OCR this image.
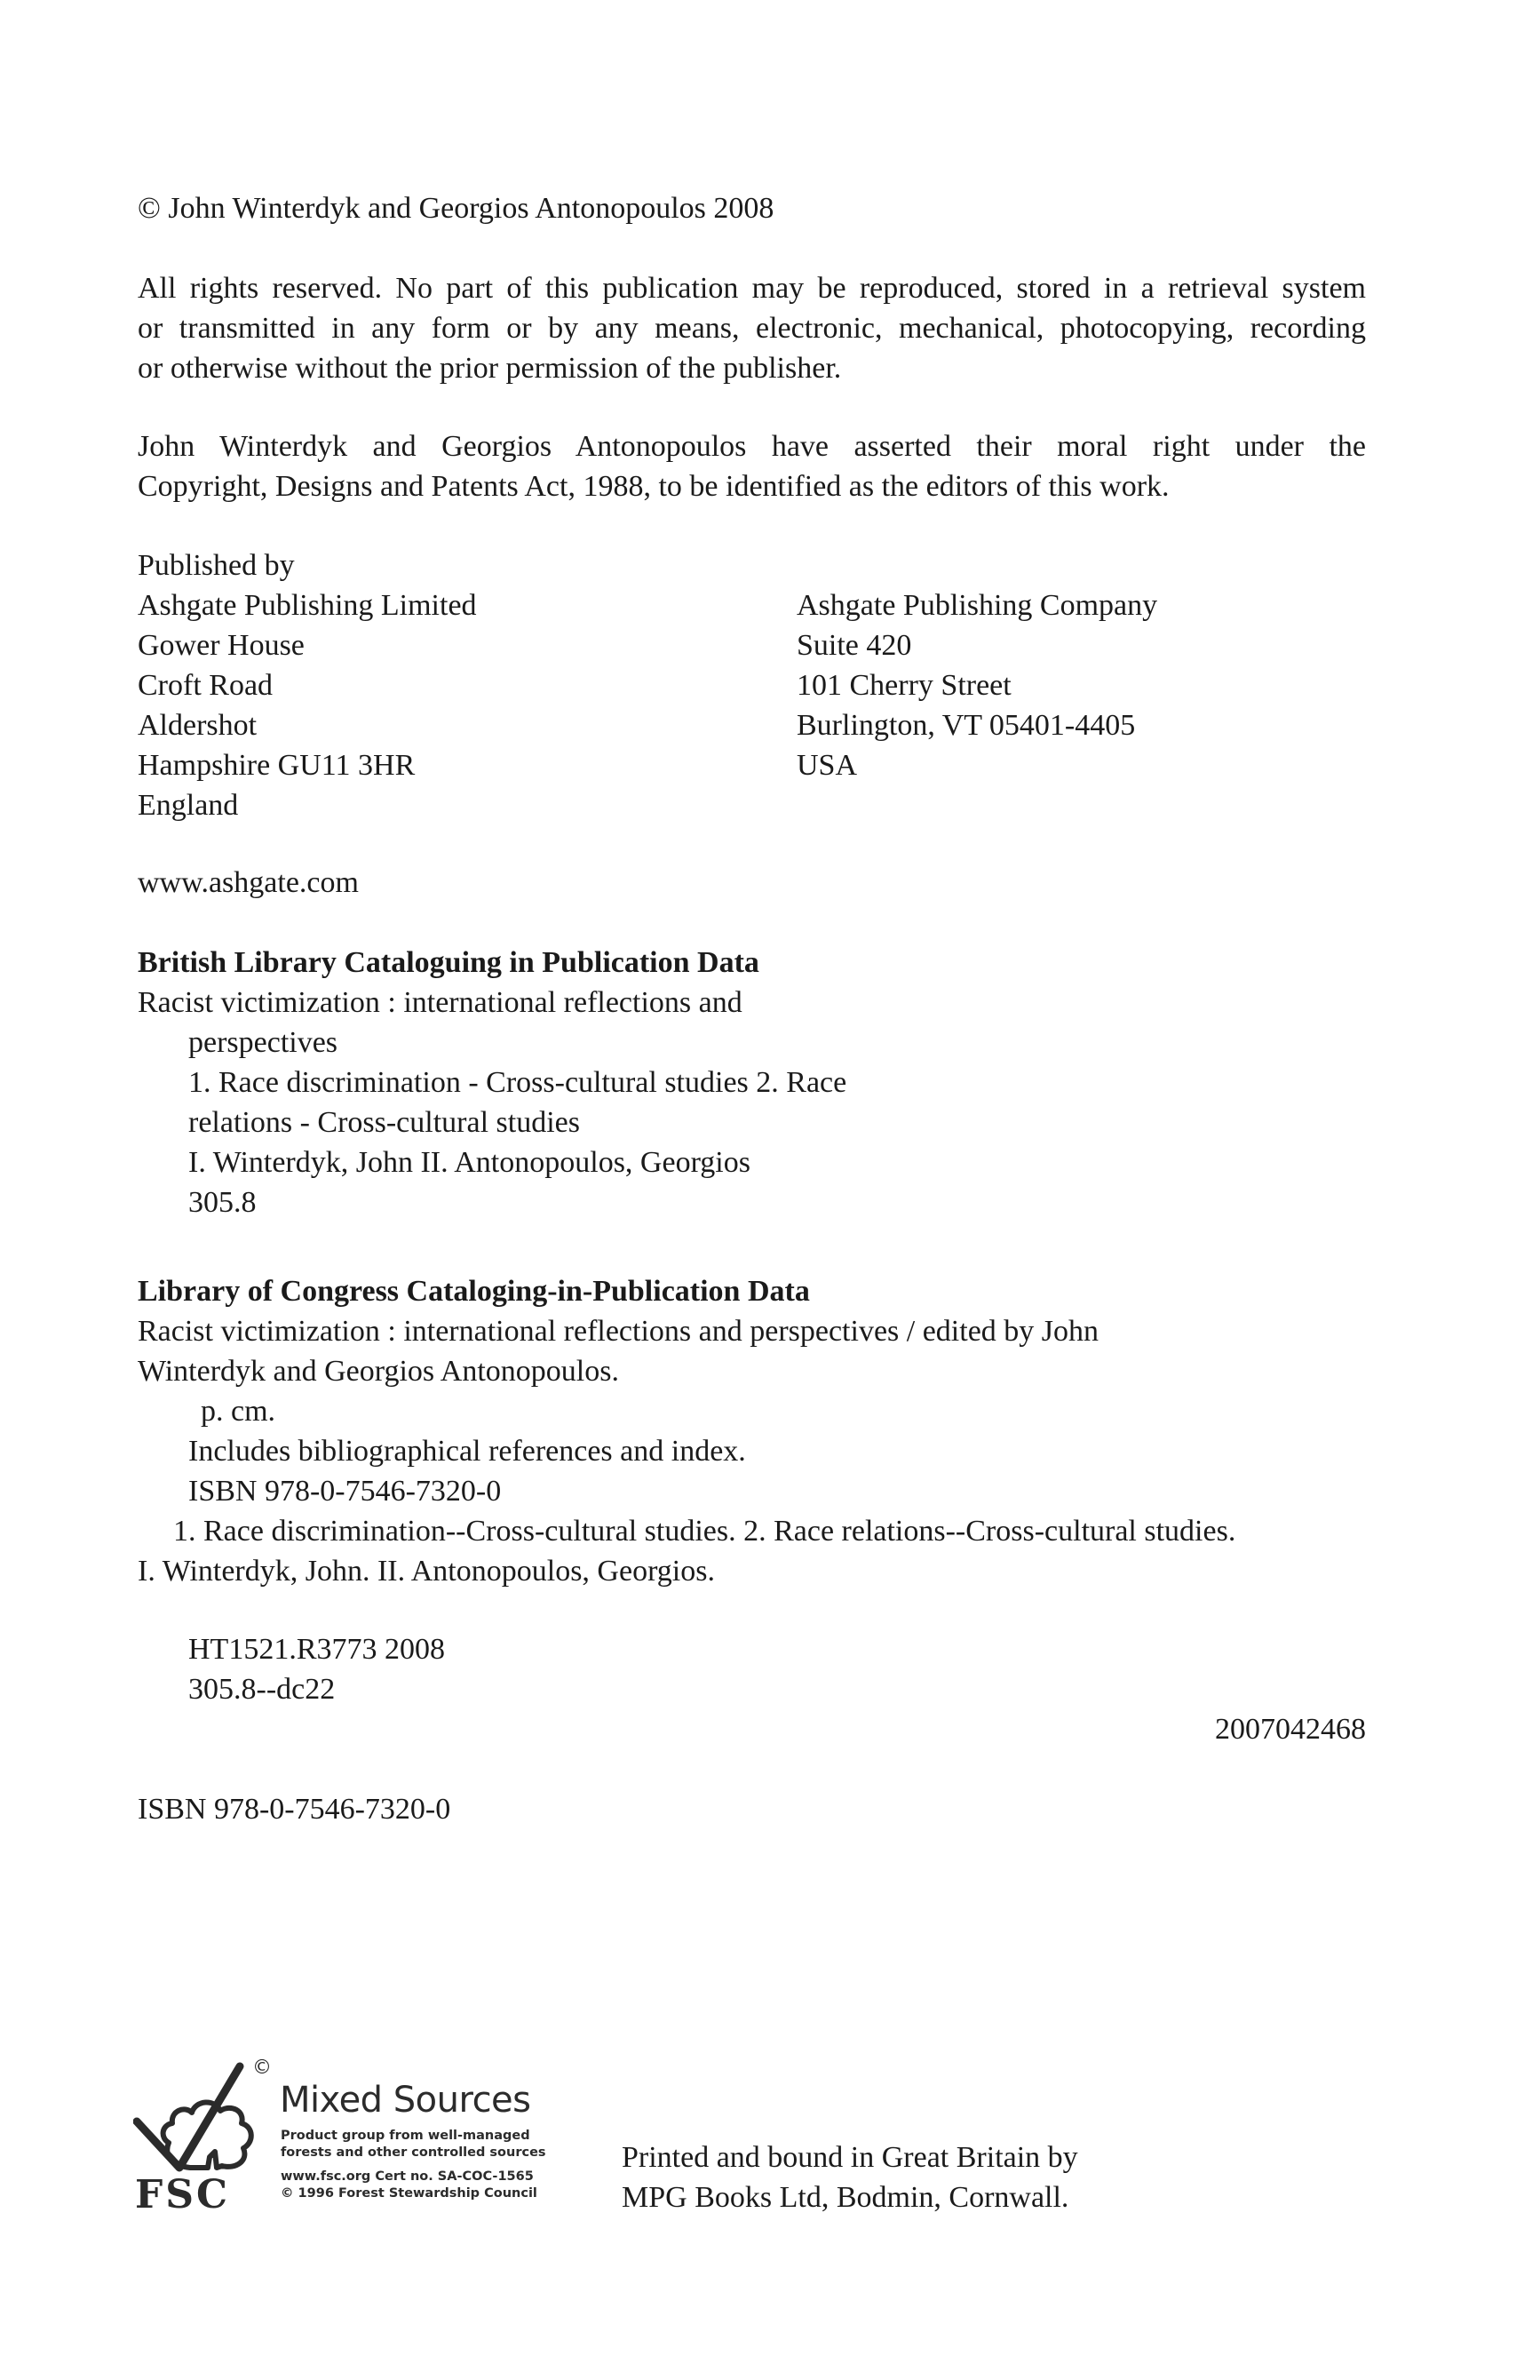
© John Winterdyk and Georgios Antonopoulos 2008
All rights reserved. No part of this publication may be reproduced, stored in a retrieval system
or transmitted in any form or by any means, electronic, mechanical, photocopying, recording
or otherwise without the prior permission of the publisher.
John Winterdyk and Georgios Antonopoulos have asserted their moral right under the
Copyright, Designs and Patents Act, 1988, to be identified as the editors of this work.
Published by
Ashgate Publishing Limited
Gower House
Croft Road
Aldershot
Hampshire GU11 3HR
England
Ashgate Publishing Company
Suite 420
101 Cherry Street
Burlington, VT 05401-4405
USA
www.ashgate.com
British Library Cataloguing in Publication Data
Racist victimization : international reflections and
perspectives
1. Race discrimination - Cross-cultural studies 2. Race
relations - Cross-cultural studies
I. Winterdyk, John II. Antonopoulos, Georgios
305.8
Library of Congress Cataloging-in-Publication Data
Racist victimization : international reflections and perspectives / edited by John
Winterdyk and Georgios Antonopoulos.
p. cm.
Includes bibliographical references and index.
ISBN 978-0-7546-7320-0
1. Race discrimination--Cross-cultural studies. 2. Race relations--Cross-cultural studies.
I. Winterdyk, John. II. Antonopoulos, Georgios.
HT1521.R3773 2008
305.8--dc22
2007042468
ISBN 978-0-7546-7320-0
FSC
©
Mixed Sources
Product group from well-managed
forests and other controlled sources
www.fsc.org Cert no. SA-COC-1565
© 1996 Forest Stewardship Council
Printed and bound in Great Britain by
MPG Books Ltd, Bodmin, Cornwall.
